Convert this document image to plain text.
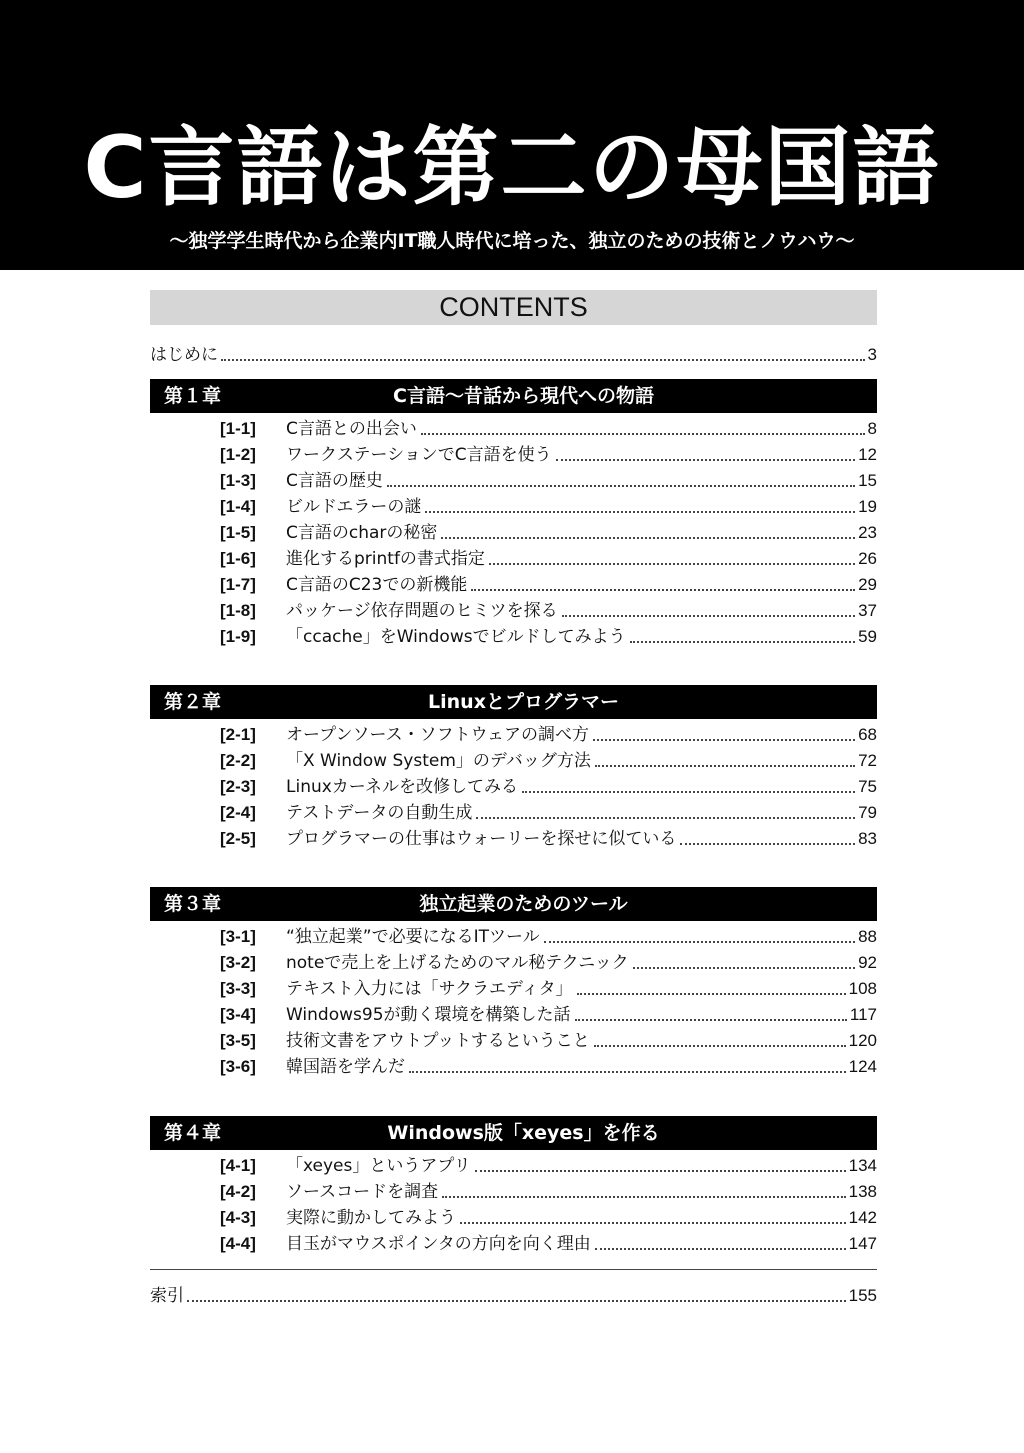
C言語は第二の母国語
～独学学生時代から企業内IT職人時代に培った、独立のための技術とノウハウ～
CONTENTS
はじめに	3
第１章	C言語～昔話から現代への物語
[1-1]	C言語との出会い	8
[1-2]	ワークステーションでC言語を使う	12
[1-3]	C言語の歴史	15
[1-4]	ビルドエラーの謎	19
[1-5]	C言語のcharの秘密	23
[1-6]	進化するprintfの書式指定	26
[1-7]	C言語のC23での新機能	29
[1-8]	パッケージ依存問題のヒミツを探る	37
[1-9]	「ccache」をWindowsでビルドしてみよう	59
第２章	Linuxとプログラマー
[2-1]	オープンソース・ソフトウェアの調べ方	68
[2-2]	「X Window System」のデバッグ方法	72
[2-3]	Linuxカーネルを改修してみる	75
[2-4]	テストデータの自動生成	79
[2-5]	プログラマーの仕事はウォーリーを探せに似ている	83
第３章	独立起業のためのツール
[3-1]	“独立起業”で必要になるITツール	88
[3-2]	noteで売上を上げるためのマル秘テクニック	92
[3-3]	テキスト入力には「サクラエディタ」	108
[3-4]	Windows95が動く環境を構築した話	117
[3-5]	技術文書をアウトプットするということ	120
[3-6]	韓国語を学んだ	124
第４章	Windows版「xeyes」を作る
[4-1]	「xeyes」というアプリ	134
[4-2]	ソースコードを調査	138
[4-3]	実際に動かしてみよう	142
[4-4]	目玉がマウスポインタの方向を向く理由	147
索引	155
